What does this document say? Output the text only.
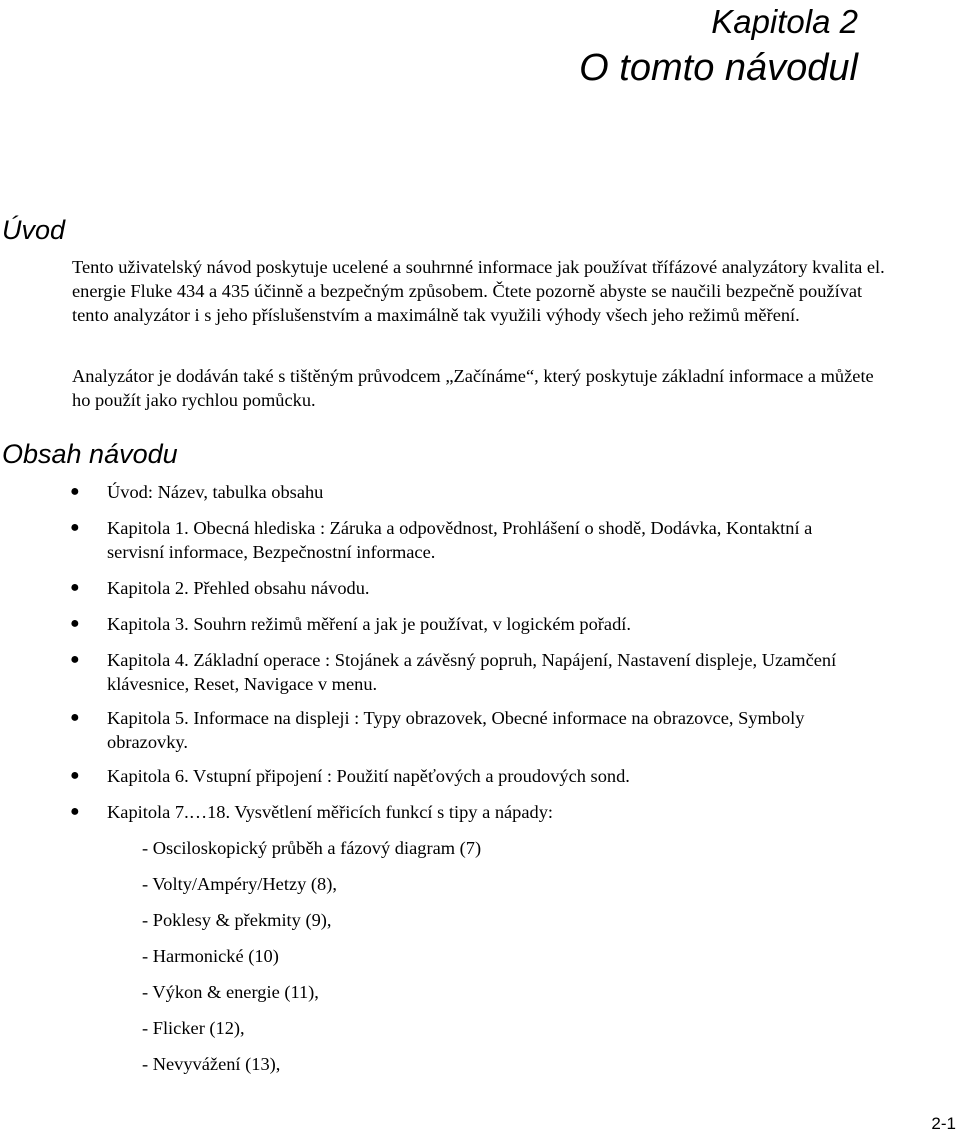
Kapitola 2
O tomto návodul
Úvod
Tento uživatelský návod poskytuje ucelené a souhrnné informace jak používat třífázové analyzátory kvalita el. energie Fluke 434 a 435 účinně a bezpečným způsobem. Čtete pozorně abyste se naučili bezpečně používat tento analyzátor i s jeho příslušenstvím a maximálně tak využili výhody všech jeho režimů měření.
Analyzátor je dodáván také s tištěným průvodcem „Začínáme“, který poskytuje základní informace a můžete ho použít jako rychlou pomůcku.
Obsah návodu
● Úvod: Název, tabulka obsahu
● Kapitola 1. Obecná hlediska : Záruka a odpovědnost, Prohlášení o shodě, Dodávka, Kontaktní a servisní informace, Bezpečnostní informace.
● Kapitola 2. Přehled obsahu návodu.
● Kapitola 3. Souhrn režimů měření a jak je používat, v logickém pořadí.
● Kapitola 4. Základní operace : Stojánek a závěsný popruh, Napájení, Nastavení displeje, Uzamčení klávesnice, Reset, Navigace v menu.
● Kapitola 5. Informace na displeji : Typy obrazovek, Obecné informace na obrazovce, Symboly obrazovky.
● Kapitola 6. Vstupní připojení : Použití napěťových a proudových sond.
● Kapitola 7.…18. Vysvětlení měřicích funkcí s tipy a nápady:
- Osciloskopický průběh a fázový diagram (7)
- Volty/Ampéry/Hetzy (8),
- Poklesy & překmity (9),
- Harmonické (10)
- Výkon & energie (11),
- Flicker (12),
- Nevyvážení (13),
2-1
